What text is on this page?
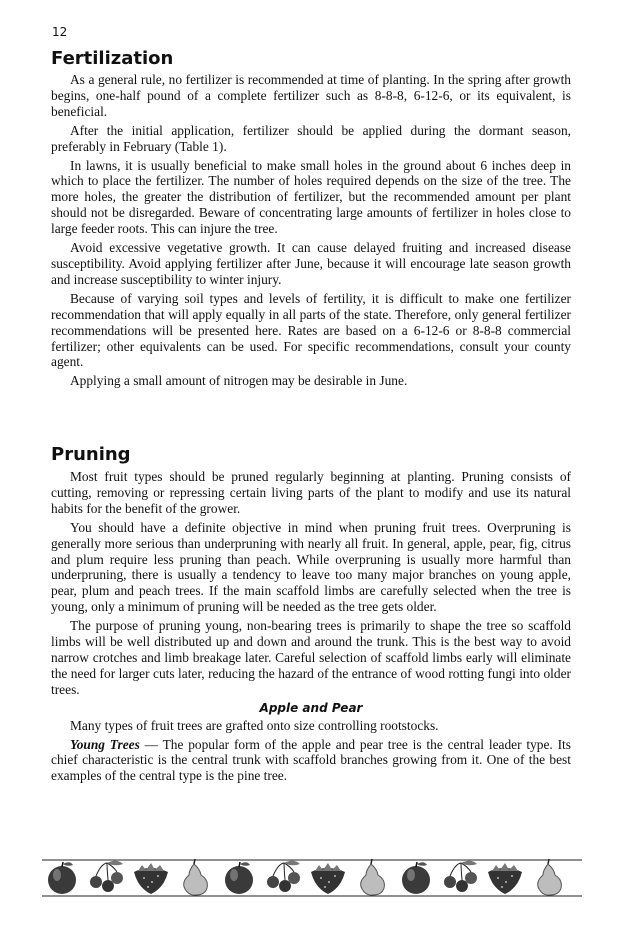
12
Fertilization

As a general rule, no fertilizer is recommended at time of planting. In the spring after growth begins, one-half pound of a complete fertilizer such as 8-8-8, 6-12-6, or its equivalent, is beneficial.

After the initial application, fertilizer should be applied during the dormant season, preferably in February (Table 1).

In lawns, it is usually beneficial to make small holes in the ground about 6 inches deep in which to place the fertilizer. The number of holes required depends on the size of the tree. The more holes, the greater the distribution of fertilizer, but the recommended amount per plant should not be disregarded. Beware of concentrating large amounts of fertilizer in holes close to large feeder roots. This can injure the tree.

Avoid excessive vegetative growth. It can cause delayed fruiting and increased disease susceptibility. Avoid applying fertilizer after June, because it will encourage late season growth and increase susceptibility to winter injury.

Because of varying soil types and levels of fertility, it is difficult to make one fertilizer recommendation that will apply equally in all parts of the state. Therefore, only general fertilizer recommendations will be presented here. Rates are based on a 6-12-6 or 8-8-8 commercial fertilizer; other equivalents can be used. For specific recommendations, consult your county agent.

Applying a small amount of nitrogen may be desirable in June.

Pruning

Most fruit types should be pruned regularly beginning at planting. Pruning consists of cutting, removing or repressing certain living parts of the plant to modify and use its natural habits for the benefit of the grower.

You should have a definite objective in mind when pruning fruit trees. Overpruning is generally more serious than underpruning with nearly all fruit. In general, apple, pear, fig, citrus and plum require less pruning than peach. While overpruning is usually more harmful than underpruning, there is usually a tendency to leave too many major branches on young apple, pear, plum and peach trees. If the main scaffold limbs are carefully selected when the tree is young, only a minimum of pruning will be needed as the tree gets older.

The purpose of pruning young, non-bearing trees is primarily to shape the tree so scaffold limbs will be well distributed up and down and around the trunk. This is the best way to avoid narrow crotches and limb breakage later. Careful selection of scaffold limbs early will eliminate the need for larger cuts later, reducing the hazard of the entrance of wood rotting fungi into older trees.

Apple and Pear

Many types of fruit trees are grafted onto size controlling rootstocks.

Young Trees — The popular form of the apple and pear tree is the central leader type. Its chief characteristic is the central trunk with scaffold branches growing from it. One of the best examples of the central type is the pine tree.
